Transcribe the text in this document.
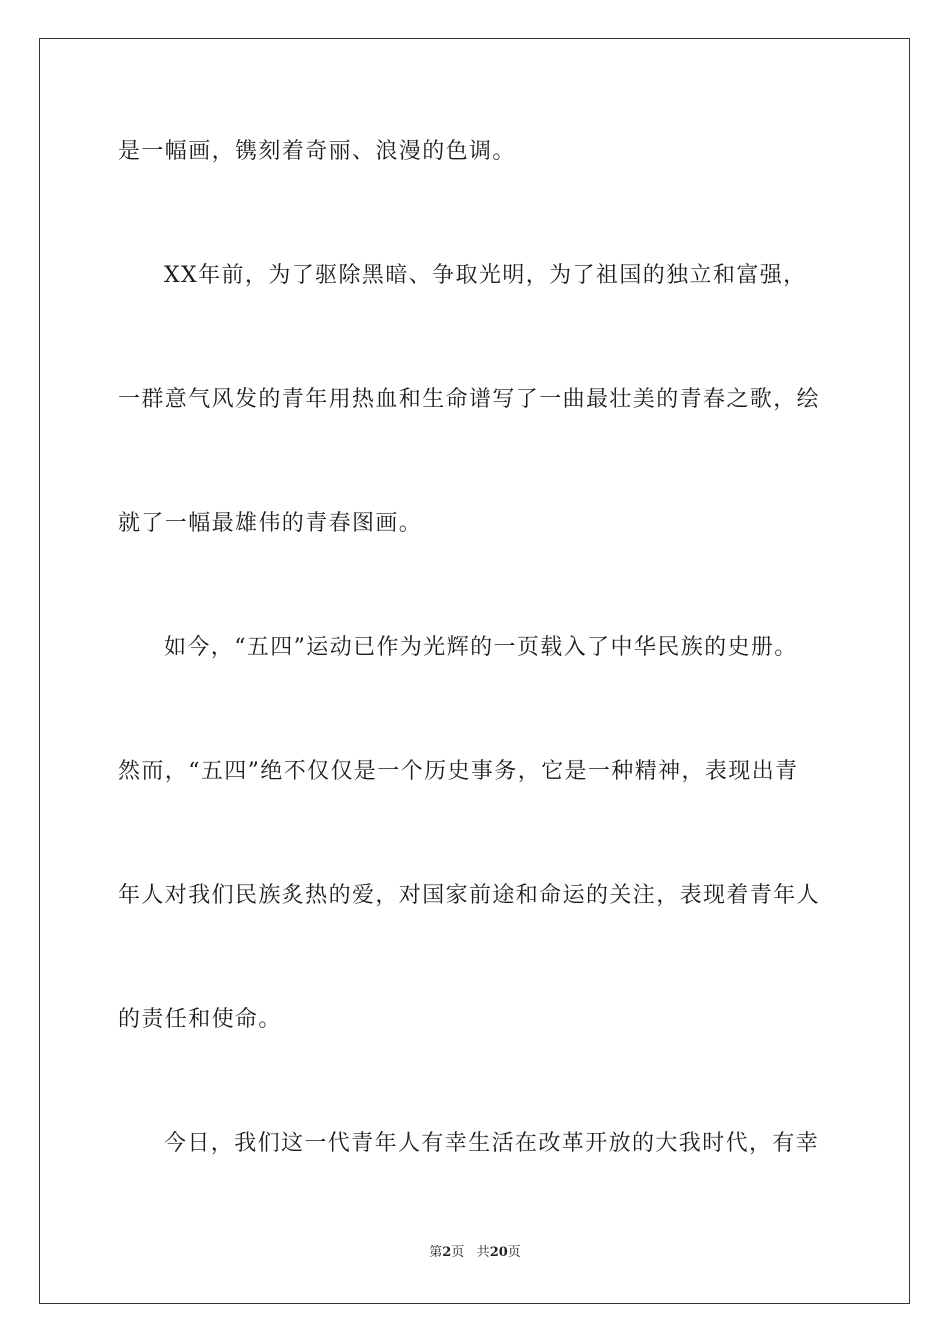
是一幅画，镌刻着奇丽、浪漫的色调。
XX年前，为了驱除黑暗、争取光明，为了祖国的独立和富强，
一群意气风发的青年用热血和生命谱写了一曲最壮美的青春之歌，绘
就了一幅最雄伟的青春图画。
如今，“五四”运动已作为光辉的一页载入了中华民族的史册。
然而，“五四”绝不仅仅是一个历史事务，它是一种精神，表现出青
年人对我们民族炙热的爱，对国家前途和命运的关注，表现着青年人
的责任和使命。
今日，我们这一代青年人有幸生活在改革开放的大我时代，有幸
第2页 共20页
